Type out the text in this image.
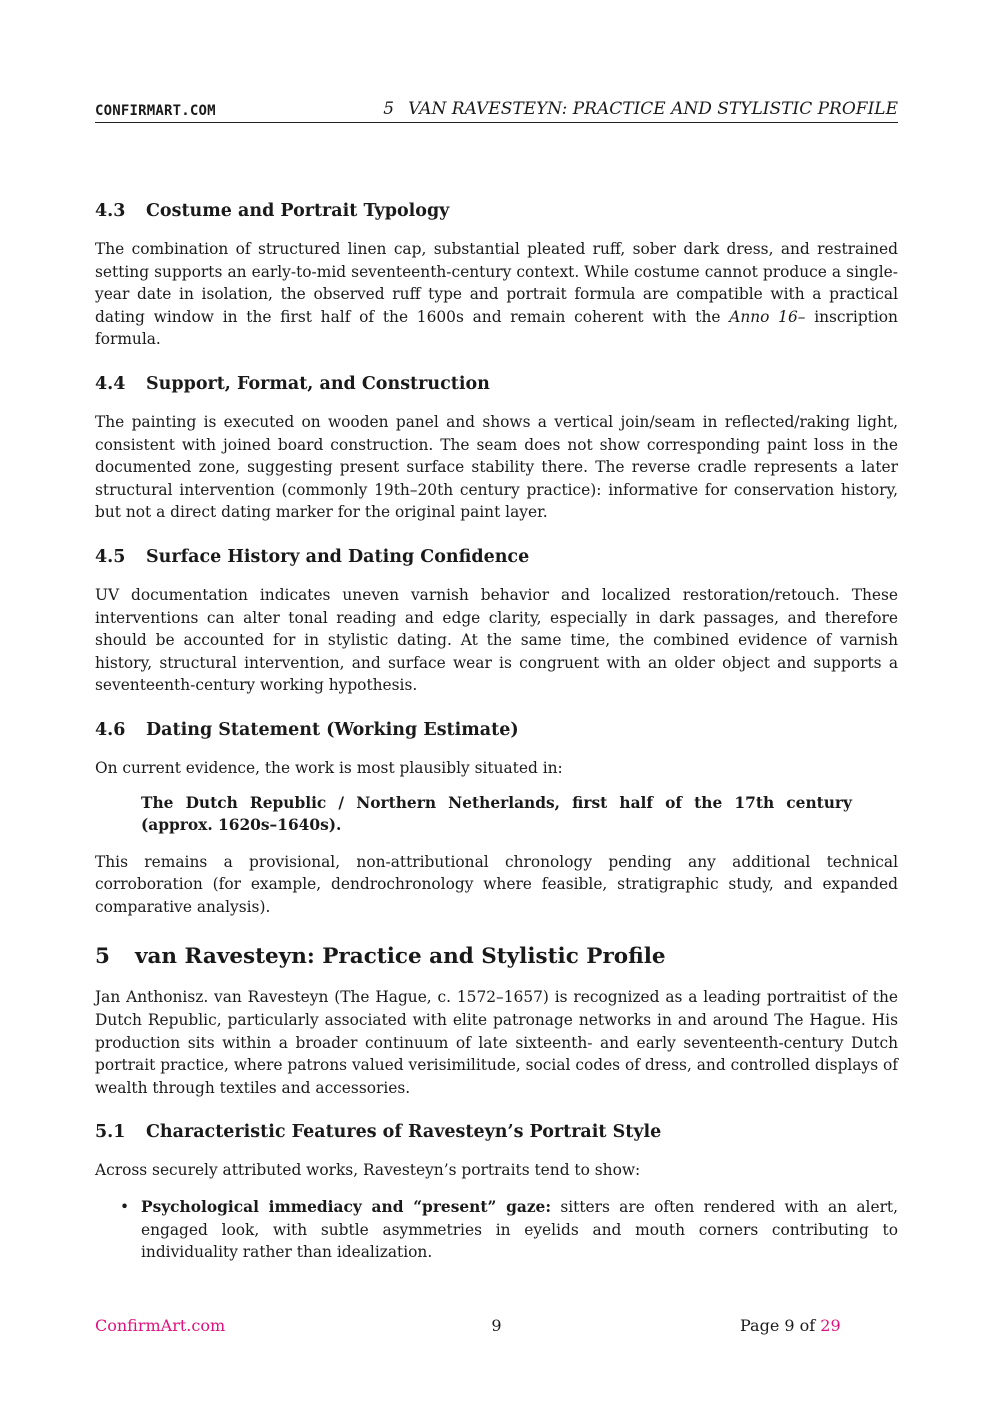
CONFIRMART.COM	5 VAN RAVESTEYN: PRACTICE AND STYLISTIC PROFILE
4.3 Costume and Portrait Typology

The combination of structured linen cap, substantial pleated ruff, sober dark dress, and restrained setting supports an early-to-mid seventeenth-century context. While costume cannot produce a single-year date in isolation, the observed ruff type and portrait formula are compatible with a practical dating window in the first half of the 1600s and remain coherent with the Anno 16– inscription formula.

4.4 Support, Format, and Construction

The painting is executed on wooden panel and shows a vertical join/seam in reflected/raking light, consistent with joined board construction. The seam does not show corresponding paint loss in the documented zone, suggesting present surface stability there. The reverse cradle represents a later structural intervention (commonly 19th–20th century practice): informative for conservation history, but not a direct dating marker for the original paint layer.

4.5 Surface History and Dating Confidence

UV documentation indicates uneven varnish behavior and localized restoration/retouch. These interventions can alter tonal reading and edge clarity, especially in dark passages, and therefore should be accounted for in stylistic dating. At the same time, the combined evidence of varnish history, structural intervention, and surface wear is congruent with an older object and supports a seventeenth-century working hypothesis.

4.6 Dating Statement (Working Estimate)

On current evidence, the work is most plausibly situated in:

The Dutch Republic / Northern Netherlands, first half of the 17th century (approx. 1620s–1640s).

This remains a provisional, non-attributional chronology pending any additional technical corroboration (for example, dendrochronology where feasible, stratigraphic study, and expanded comparative analysis).

5 van Ravesteyn: Practice and Stylistic Profile

Jan Anthonisz. van Ravesteyn (The Hague, c. 1572–1657) is recognized as a leading portraitist of the Dutch Republic, particularly associated with elite patronage networks in and around The Hague. His production sits within a broader continuum of late sixteenth- and early seventeenth-century Dutch portrait practice, where patrons valued verisimilitude, social codes of dress, and controlled displays of wealth through textiles and accessories.

5.1 Characteristic Features of Ravesteyn’s Portrait Style

Across securely attributed works, Ravesteyn’s portraits tend to show:

• Psychological immediacy and “present” gaze: sitters are often rendered with an alert, engaged look, with subtle asymmetries in eyelids and mouth corners contributing to individuality rather than idealization.
ConfirmArt.com	9	Page 9 of 29
